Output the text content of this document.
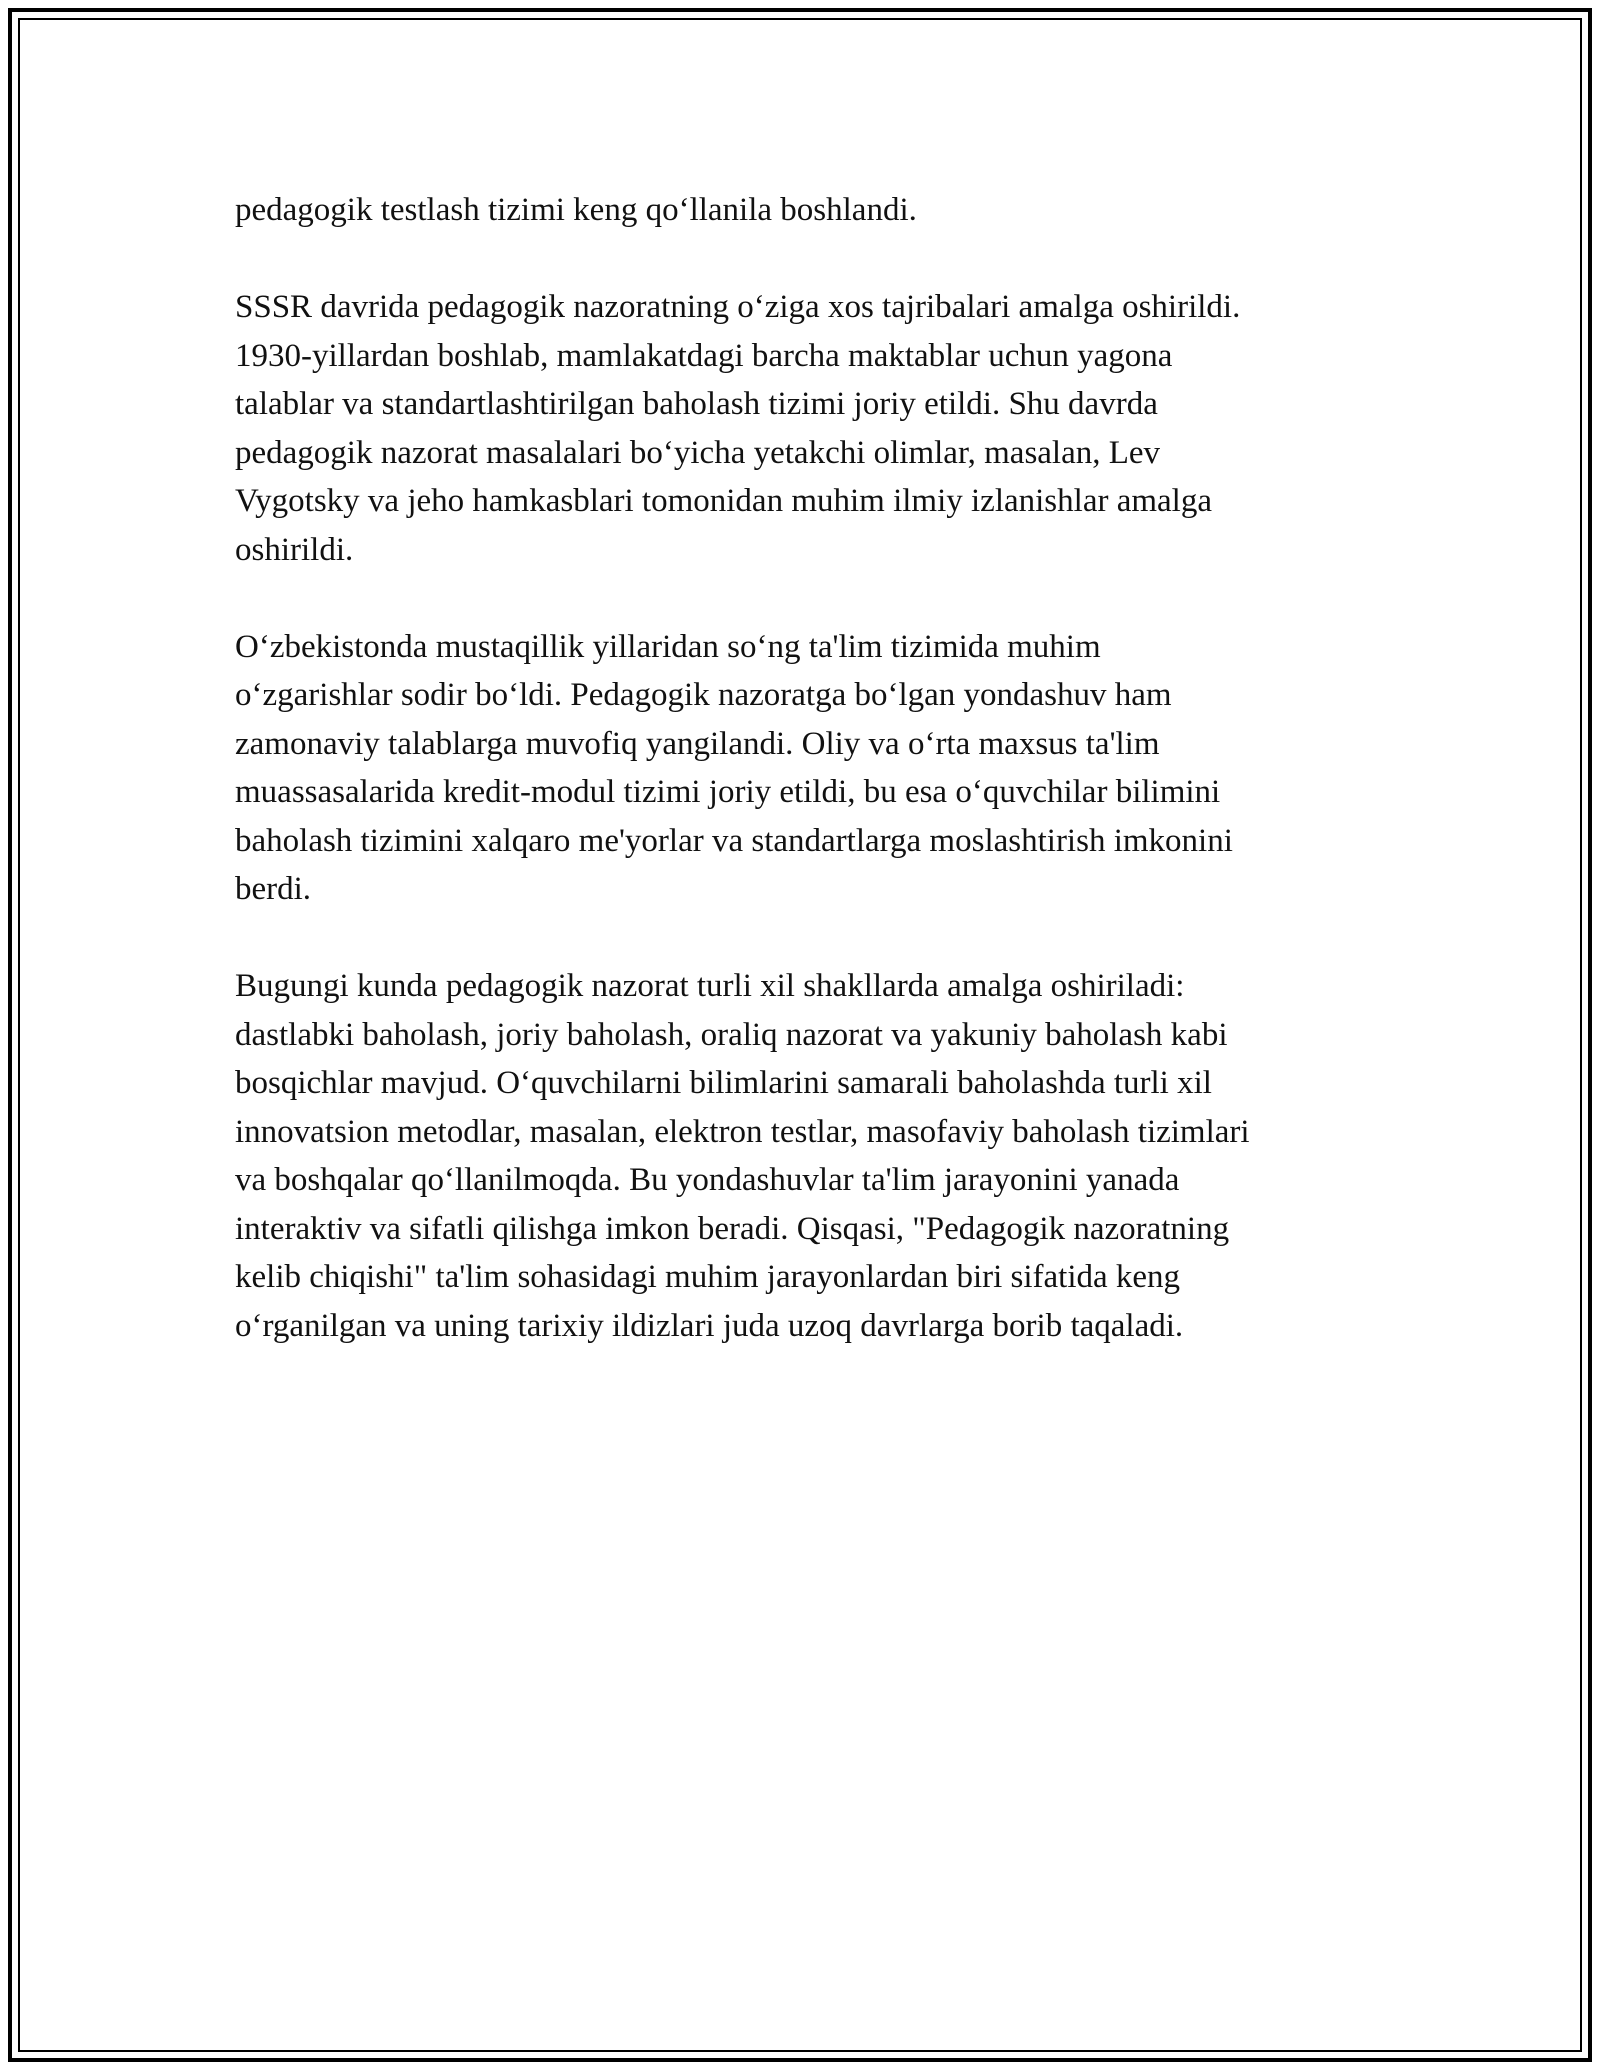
pedagogik testlash tizimi keng qo‘llanila boshlandi.

SSSR davrida pedagogik nazoratning o‘ziga xos tajribalari amalga oshirildi.
1930-yillardan boshlab, mamlakatdagi barcha maktablar uchun yagona
talablar va standartlashtirilgan baholash tizimi joriy etildi. Shu davrda
pedagogik nazorat masalalari bo‘yicha yetakchi olimlar, masalan, Lev
Vygotsky va jeho hamkasblari tomonidan muhim ilmiy izlanishlar amalga
oshirildi.

O‘zbekistonda mustaqillik yillaridan so‘ng ta'lim tizimida muhim
o‘zgarishlar sodir bo‘ldi. Pedagogik nazoratga bo‘lgan yondashuv ham
zamonaviy talablarga muvofiq yangilandi. Oliy va o‘rta maxsus ta'lim
muassasalarida kredit-modul tizimi joriy etildi, bu esa o‘quvchilar bilimini
baholash tizimini xalqaro me'yorlar va standartlarga moslashtirish imkonini
berdi.

Bugungi kunda pedagogik nazorat turli xil shakllarda amalga oshiriladi:
dastlabki baholash, joriy baholash, oraliq nazorat va yakuniy baholash kabi
bosqichlar mavjud. O‘quvchilarni bilimlarini samarali baholashda turli xil
innovatsion metodlar, masalan, elektron testlar, masofaviy baholash tizimlari
va boshqalar qo‘llanilmoqda. Bu yondashuvlar ta'lim jarayonini yanada
interaktiv va sifatli qilishga imkon beradi. Qisqasi, "Pedagogik nazoratning
kelib chiqishi" ta'lim sohasidagi muhim jarayonlardan biri sifatida keng
o‘rganilgan va uning tarixiy ildizlari juda uzoq davrlarga borib taqaladi.
